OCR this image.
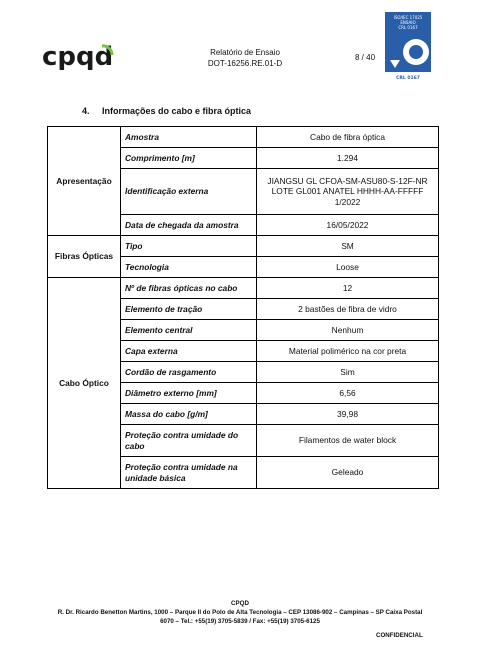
cpqd	Relatório de Ensaio
DOT-16256.RE.01-D
8 / 40
ISO/IEC 17025
ENSAIO
CRL 0167
CRL 0167
4. Informações do cabo e fibra óptica
Apresentação	Amostra	Cabo de fibra óptica
	Comprimento [m]	1.294
	Identificação externa	JIANGSU GL CFOA-SM-ASU80-S-12F-NR LOTE GL001 ANATEL HHHH-AA-FFFFF 1/2022
	Data de chegada da amostra	16/05/2022
Fibras Ópticas	Tipo	SM
	Tecnologia	Loose
Cabo Óptico	Nº de fibras ópticas no cabo	12
	Elemento de tração	2 bastões de fibra de vidro
	Elemento central	Nenhum
	Capa externa	Material polimérico na cor preta
	Cordão de rasgamento	Sim
	Diâmetro externo [mm]	6,56
	Massa do cabo [g/m]	39,98
	Proteção contra umidade do cabo	Filamentos de water block
	Proteção contra umidade na unidade básica	Geleado
CPQD
R. Dr. Ricardo Benetton Martins, 1000 – Parque II do Polo de Alta Tecnologia – CEP 13086-902 – Campinas – SP Caixa Postal
6070 – Tel.: +55(19) 3705-5839 / Fax: +55(19) 3705-6125
CONFIDENCIAL
